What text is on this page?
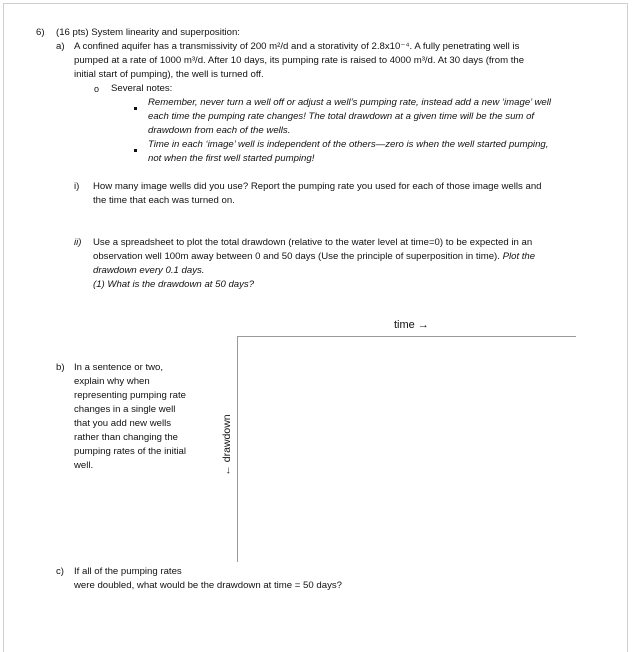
6) (16 pts) System linearity and superposition:
a) A confined aquifer has a transmissivity of 200 m²/d and a storativity of 2.8x10⁻⁴. A fully penetrating well is
pumped at a rate of 1000 m³/d. After 10 days, its pumping rate is raised to 4000 m³/d. At 30 days (from the
initial start of pumping), the well is turned off.
o Several notes:
Remember, never turn a well off or adjust a well’s pumping rate, instead add a new ‘image’ well
each time the pumping rate changes! The total drawdown at a given time will be the sum of
drawdown from each of the wells.
Time in each ‘image’ well is independent of the others—zero is when the well started pumping,
not when the first well started pumping!
i) How many image wells did you use? Report the pumping rate you used for each of those image wells and
the time that each was turned on.
ii) Use a spreadsheet to plot the total drawdown (relative to the water level at time=0) to be expected in an
observation well 100m away between 0 and 50 days (Use the principle of superposition in time). Plot the
drawdown every 0.1 days.
(1) What is the drawdown at 50 days?
time →
← drawdown
b) In a sentence or two,
explain why when
representing pumping rate
changes in a single well
that you add new wells
rather than changing the
pumping rates of the initial
well.
c) If all of the pumping rates
were doubled, what would be the drawdown at time = 50 days?
